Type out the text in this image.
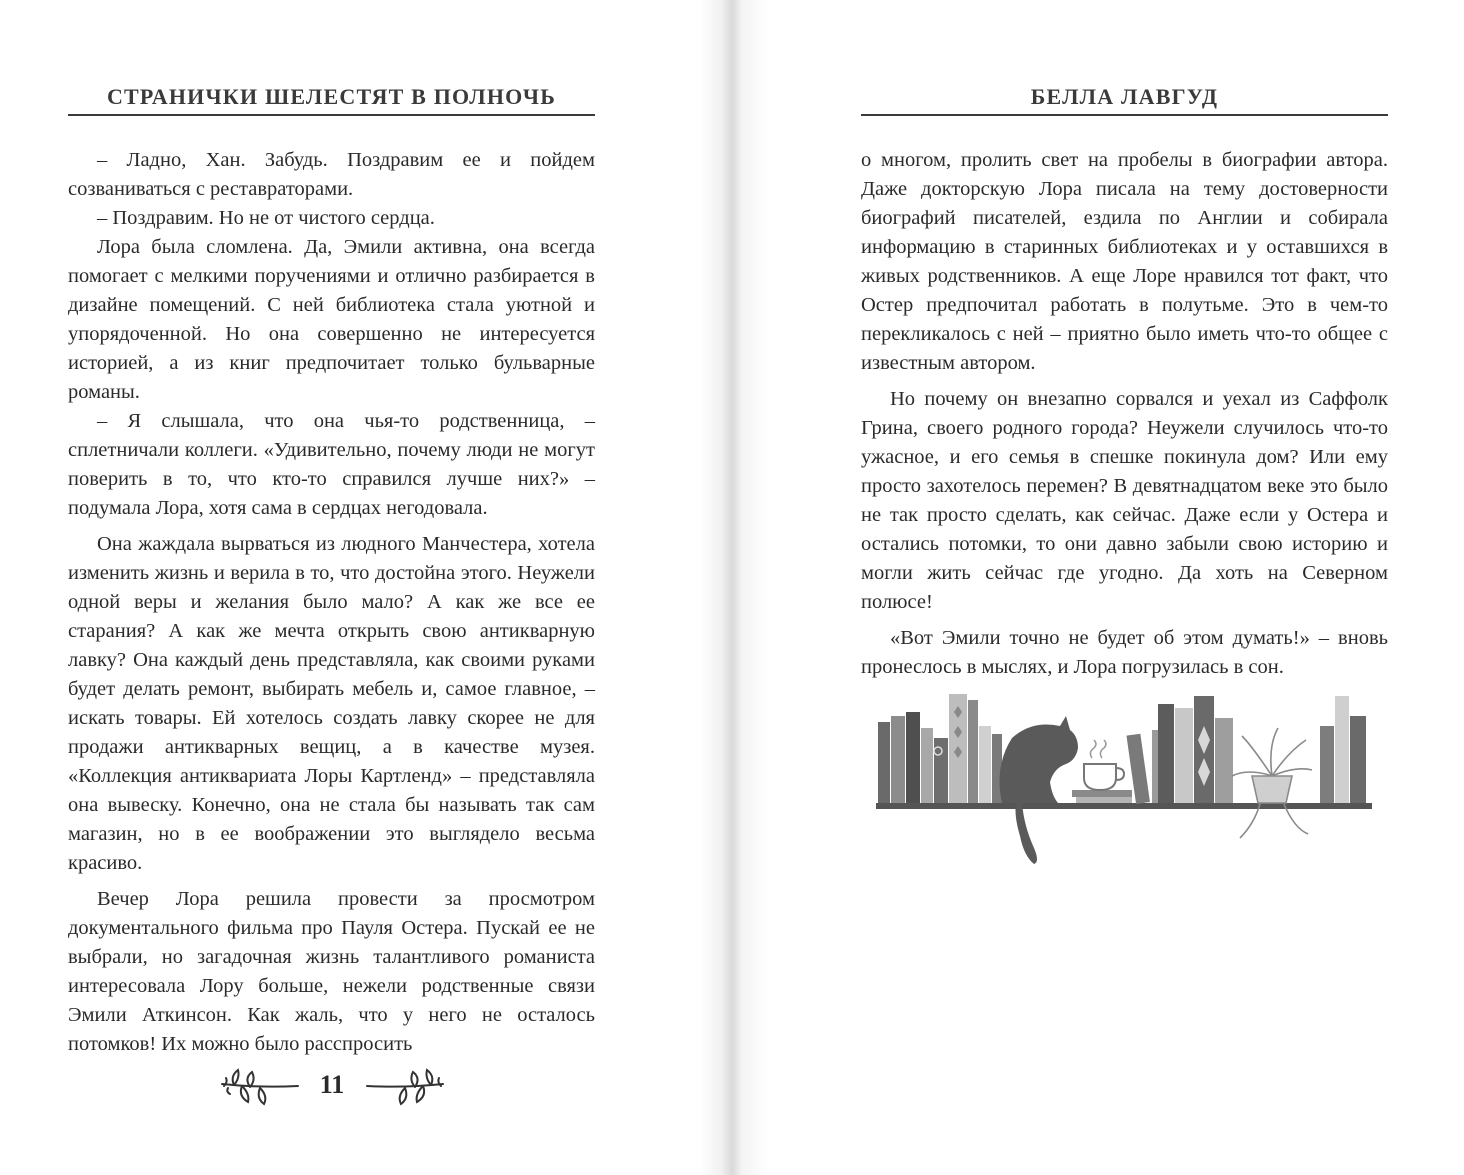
СТРАНИЧКИ ШЕЛЕСТЯТ В ПОЛНОЧЬ

– Ладно, Хан. Забудь. Поздравим ее и пойдем созваниваться с реставраторами.

– Поздравим. Но не от чистого сердца.

Лора была сломлена. Да, Эмили активна, она всегда помогает с мелкими поручениями и отлично разбирается в дизайне помещений. С ней библиотека стала уютной и упорядоченной. Но она совершенно не интересуется историей, а из книг предпочитает только бульварные романы.

– Я слышала, что она чья-то родственница, – сплетничали коллеги. «Удивительно, почему люди не могут поверить в то, что кто-то справился лучше них?» – подумала Лора, хотя сама в сердцах негодовала.

Она жаждала вырваться из людного Манчестера, хотела изменить жизнь и верила в то, что достойна этого. Неужели одной веры и желания было мало? А как же все ее старания? А как же мечта открыть свою антикварную лавку? Она каждый день представляла, как своими руками будет делать ремонт, выбирать мебель и, самое главное, – искать товары. Ей хотелось создать лавку скорее не для продажи антикварных вещиц, а в качестве музея. «Коллекция антиквариата Лоры Картленд» – представляла она вывеску. Конечно, она не стала бы называть так сам магазин, но в ее воображении это выглядело весьма красиво.

Вечер Лора решила провести за просмотром документального фильма про Пауля Остера. Пускай ее не выбрали, но загадочная жизнь талантливого романиста интересовала Лору больше, нежели родственные связи Эмили Аткинсон. Как жаль, что у него не осталось потомков! Их можно было расспросить

11
БЕЛЛА ЛАВГУД

о многом, пролить свет на пробелы в биографии автора. Даже докторскую Лора писала на тему достоверности биографий писателей, ездила по Англии и собирала информацию в старинных библиотеках и у оставшихся в живых родственников. А еще Лоре нравился тот факт, что Остер предпочитал работать в полутьме. Это в чем-то перекликалось с ней – приятно было иметь что-то общее с известным автором.

Но почему он внезапно сорвался и уехал из Саффолк Грина, своего родного города? Неужели случилось что-то ужасное, и его семья в спешке покинула дом? Или ему просто захотелось перемен? В девятнадцатом веке это было не так просто сделать, как сейчас. Даже если у Остера и остались потомки, то они давно забыли свою историю и могли жить сейчас где угодно. Да хоть на Северном полюсе!

«Вот Эмили точно не будет об этом думать!» – вновь пронеслось в мыслях, и Лора погрузилась в сон.
